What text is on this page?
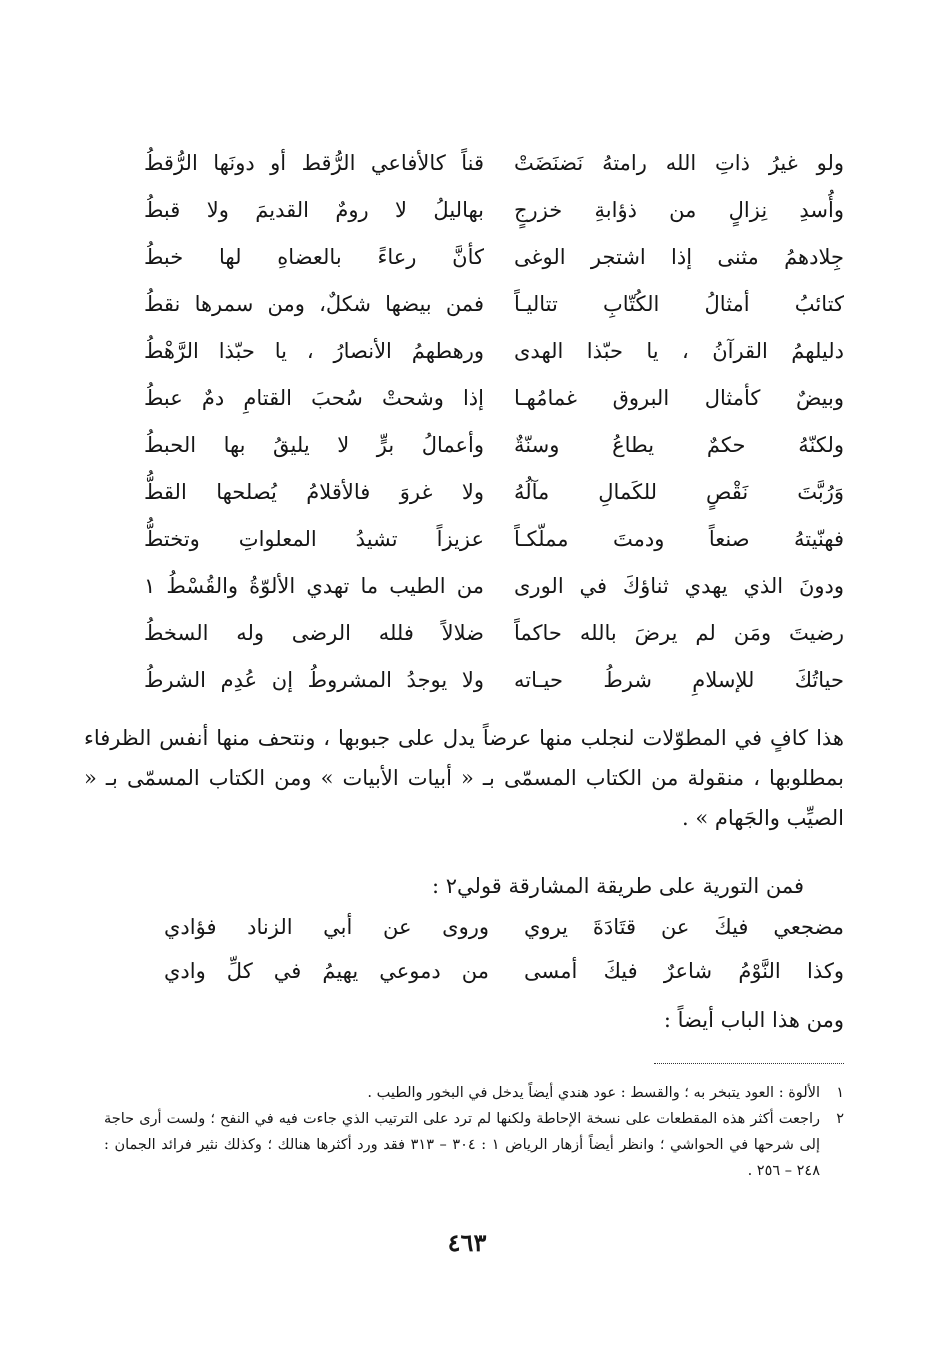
ولو غيرُ ذاتِ الله رامتهُ نَضنَضَتْ
قناً كالأفاعي الرُّقط أو دونَها الرُّقطُ
وأُسدِ نِزالٍ من ذؤابةِ خزرجٍ
بهاليلُ لا رومٌ القديمَ ولا قبطُ
جِلادهمُ مثنى إذا اشتجر الوغى
كأنَّ رعاءً بالعضاهِ لها خبطُ
كتائبُ أمثالُ الكُتّابِ تتاليـاً
فمن بيضها شكلٌ، ومن سمرها نقطُ
دليلهمُ القرآنُ ، يا حبّذا الهدى
ورهطهمُ الأنصارُ ، يا حبّذا الرَّهْطُ
وبيضٌ كأمثال البروق غمامُهـا
إذا وشحتْ سُحبَ القتامِ دمٌ عبطُ
ولكنّهُ حكمٌ يطاعُ وسنّةٌ
وأعمالُ برٍّ لا يليقُ بها الحبطُ
وَرُبَّتَ نَقْصٍ للكَمالِ مآلُهُ
ولا غروَ فالأقلامُ يُصلحها القطُّ
فهنّيتهُ صنعاً ودمتَ مملّكـاً
عزيزاً تشيدُ المعلواتِ وتختطُّ
ودونَ الذي يهدي ثناؤكَ في الورى
من الطيب ما تهدي الألوّةُ والقُسْطُ ١
رضيتَ ومَن لم يرضَ بالله حاكماً
ضلالاً فلله الرضى وله السخطُ
حياتُكَ للإسلامِ شرطُ حيـاته
ولا يوجدُ المشروطُ إن عُدِم الشرطُ

هذا كافٍ في المطوّلات لنجلب منها عرضاً يدل على جبوبها ، ونتحف منها أنفس الظرفاء بمطلوبها ، منقولة من الكتاب المسمّى بـ « أبيات الأبيات » ومن الكتاب المسمّى بـ « الصيِّب والجَهام » .

فمن التورية على طريقة المشارقة قولي٢ :

مضجعي فيكَ عن قتَادَةَ يروي
وروى عن أبي الزناد فؤادي
وكذا النَّوْمُ شاعرٌ فيكَ أمسى
من دموعي يهيمُ في كلِّ وادي

ومن هذا الباب أيضاً :

١
الألوة : العود يتبخر به ؛ والقسط : عود هندي أيضاً يدخل في البخور والطيب .
٢
راجعت أكثر هذه المقطعات على نسخة الإحاطة ولكنها لم ترد على الترتيب الذي جاءت فيه في النفح ؛ ولست أرى حاجة إلى شرحها في الحواشي ؛ وانظر أيضاً أزهار الرياض ١ : ٣٠٤ – ٣١٣ فقد ورد أكثرها هنالك ؛ وكذلك نثير فرائد الجمان : ٢٤٨ – ٢٥٦ .
٤٦٣
